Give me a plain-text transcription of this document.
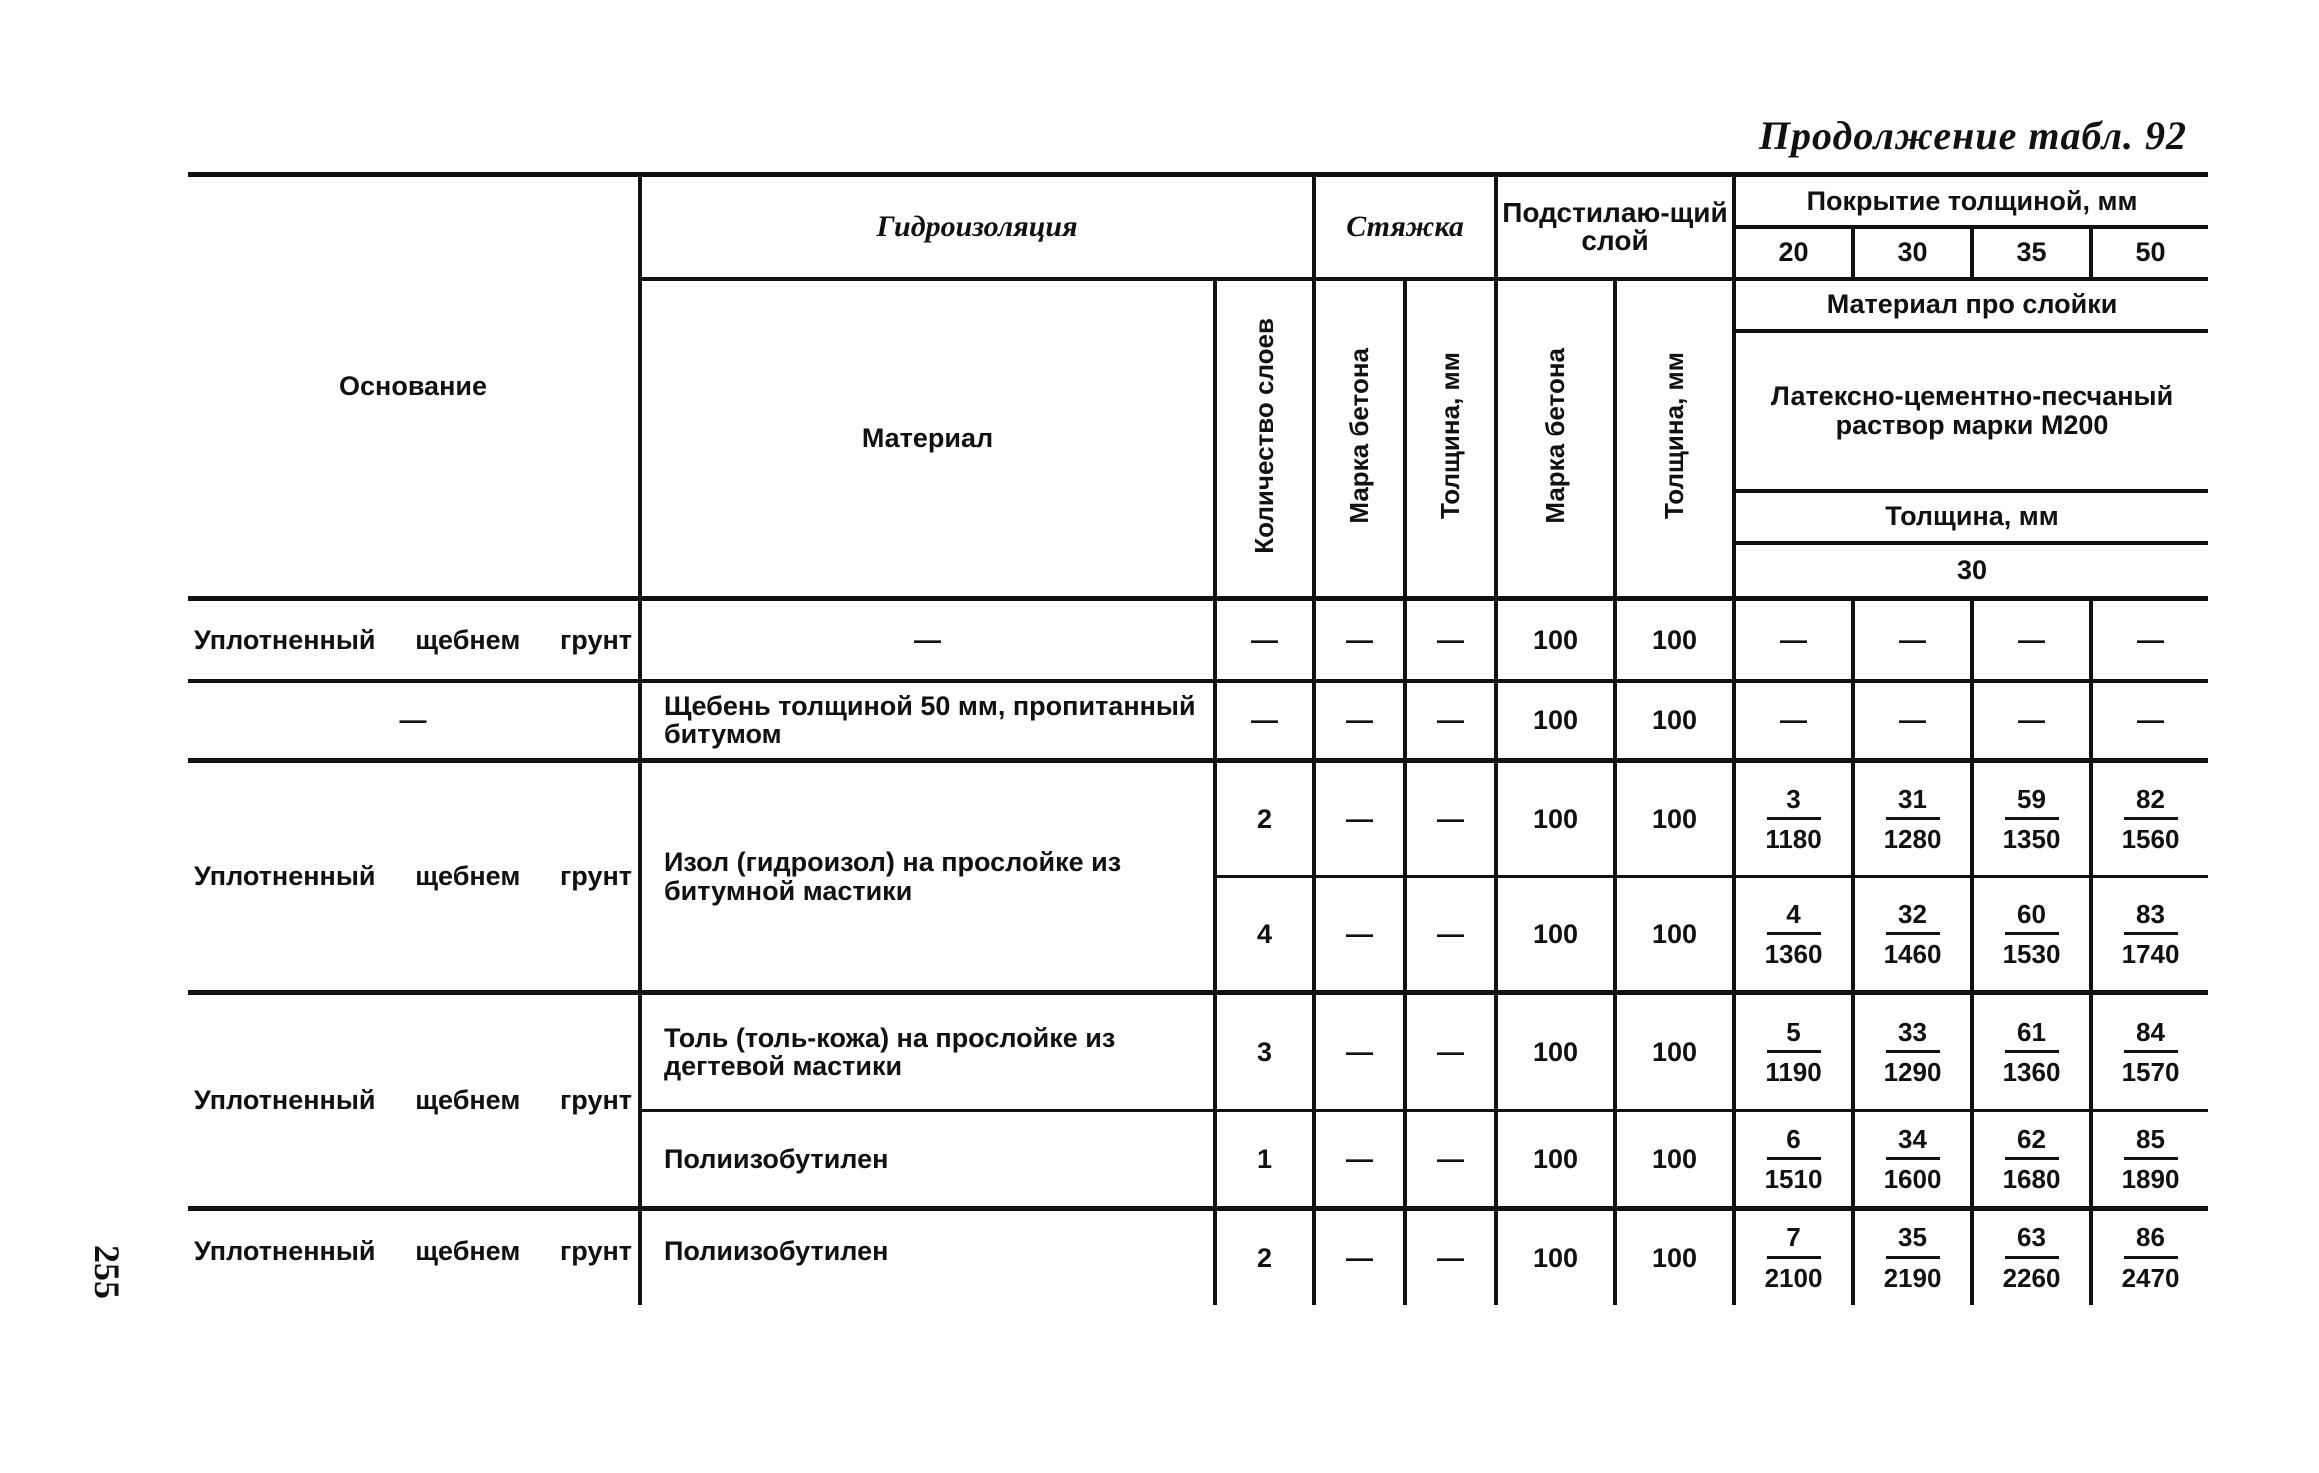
Продолжение табл. 92
255
Основание	Гидроизоляция		Стяжка		Подстилаю-щий слой		Покрытие толщиной, мм			
							20	30	35	50
	Материал	Количество слоев	Марка бетона	Толщина, мм	Марка бетона	Толщина, мм	Материал про слойки			
							Латексно-цементно-песчаный раствор марки М200			
							Толщина, мм			
							30			

Уплотненный щебнем грунт	—	—	—	—	100	100	—	—	—	—
—	Щебень толщиной 50 мм, пропитанный битумом	—	—	—	100	100	—	—	—	—
Уплотненный щебнем грунт	Изол (гидроизол) на прослойке из битумной мастики	2	—	—	100	100	$\frac{3}{1180}$	$\frac{31}{1280}$	$\frac{59}{1350}$	$\frac{82}{1560}$

		4	—	—	100	100	$\frac{4}{1360}$	$\frac{32}{1460}$	$\frac{60}{1530}$	$\frac{83}{1740}$

Уплотненный щебнем грунт	Толь (толь-кожа) на прослойке из дегтевой мастики	3	—	—	100	100	$\frac{5}{1190}$	$\frac{33}{1290}$	$\frac{61}{1360}$	$\frac{84}{1570}$

	Полиизобутилен	1	—	—	100	100	$\frac{6}{1510}$	$\frac{34}{1600}$	$\frac{62}{1680}$	$\frac{85}{1890}$

Уплотненный щебнем грунт	Полиизобутилен	2	—	—	100	100	$\frac{7}{2100}$	$\frac{35}{2190}$	$\frac{63}{2260}$	$\frac{86}{2470}$
